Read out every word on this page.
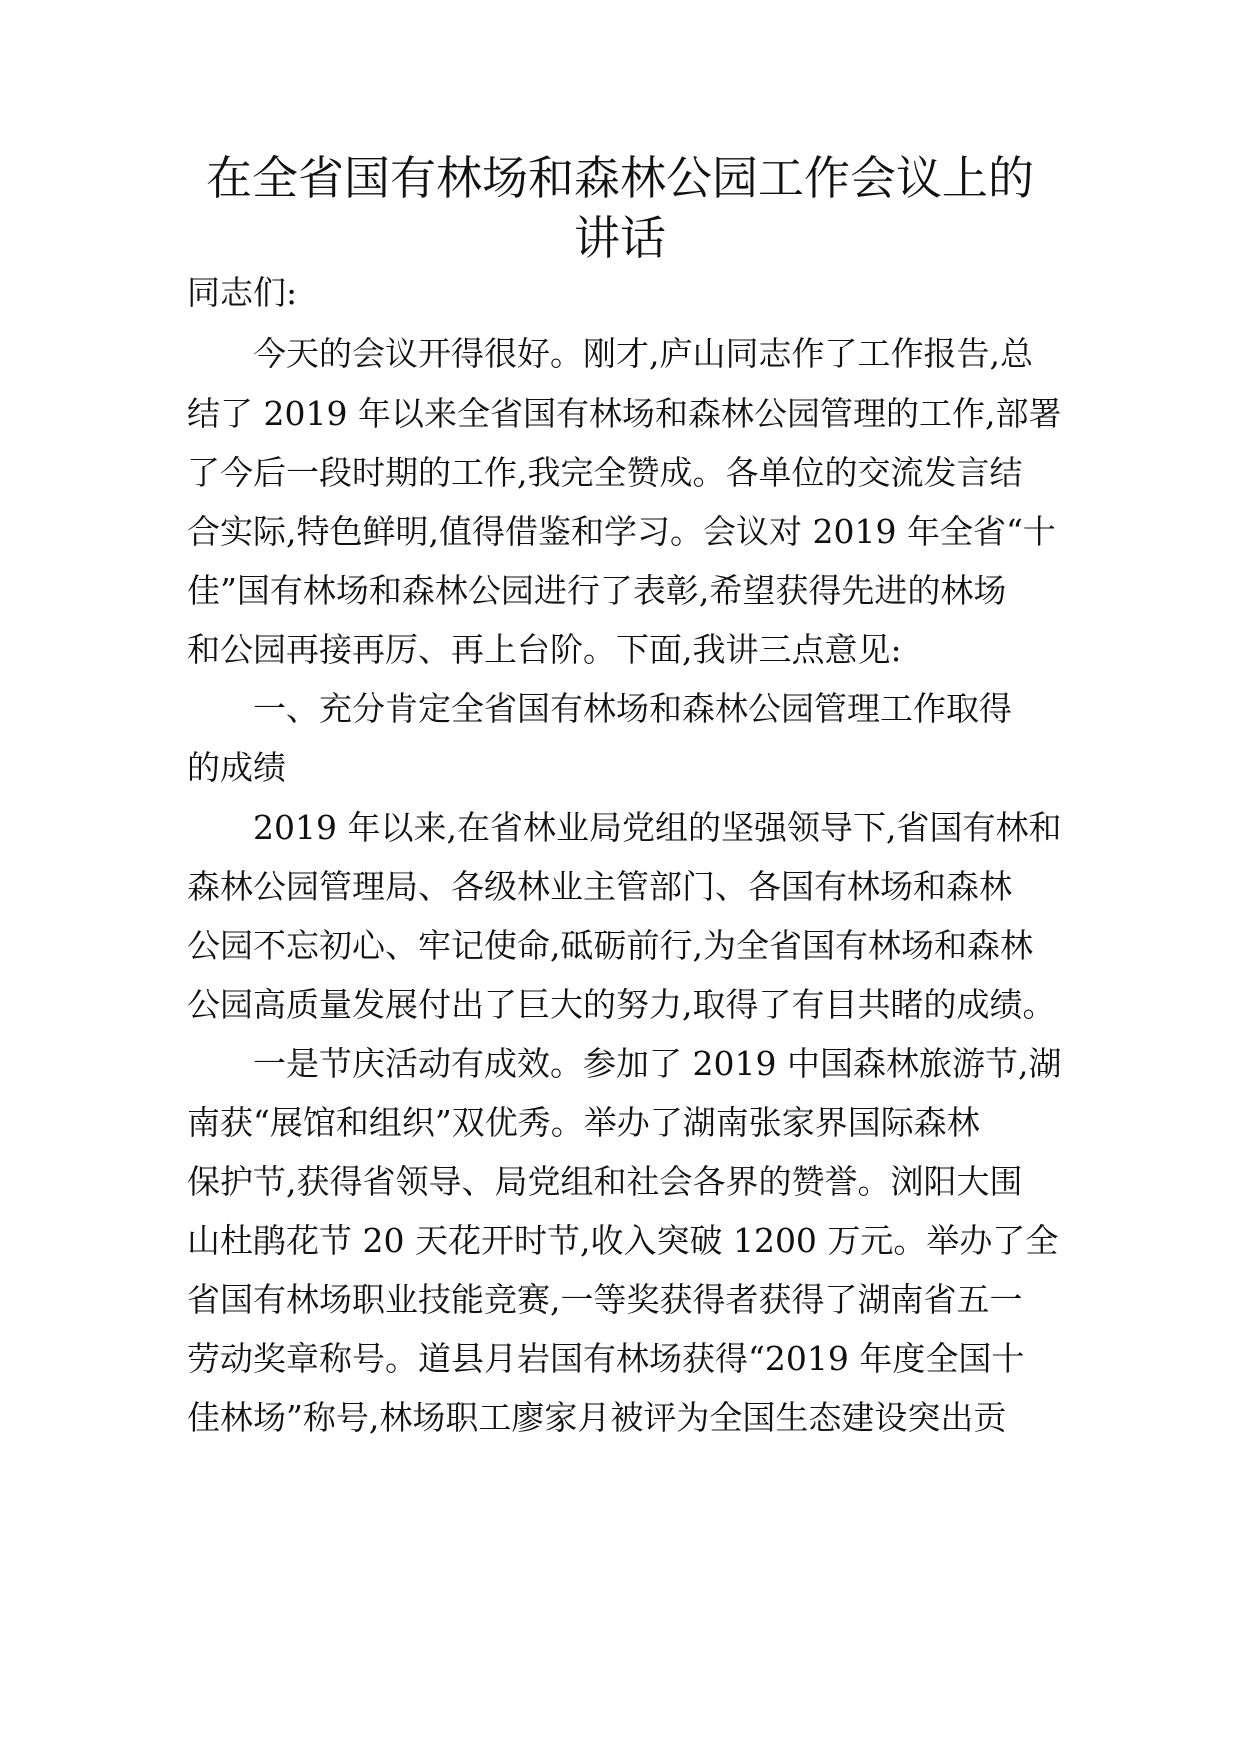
在全省国有林场和森林公园工作会议上的
讲话
同志们:
今天的会议开得很好。刚才,庐山同志作了工作报告,总
结了 2019 年以来全省国有林场和森林公园管理的工作,部署
了今后一段时期的工作,我完全赞成。各单位的交流发言结
合实际,特色鲜明,值得借鉴和学习。会议对 2019 年全省“十
佳”国有林场和森林公园进行了表彰,希望获得先进的林场
和公园再接再厉、再上台阶。下面,我讲三点意见:
一、充分肯定全省国有林场和森林公园管理工作取得
的成绩
2019 年以来,在省林业局党组的坚强领导下,省国有林和
森林公园管理局、各级林业主管部门、各国有林场和森林
公园不忘初心、牢记使命,砥砺前行,为全省国有林场和森林
公园高质量发展付出了巨大的努力,取得了有目共睹的成绩。
一是节庆活动有成效。参加了 2019 中国森林旅游节,湖
南获“展馆和组织”双优秀。举办了湖南张家界国际森林
保护节,获得省领导、局党组和社会各界的赞誉。浏阳大围
山杜鹃花节 20 天花开时节,收入突破 1200 万元。举办了全
省国有林场职业技能竞赛,一等奖获得者获得了湖南省五一
劳动奖章称号。道县月岩国有林场获得“2019 年度全国十
佳林场”称号,林场职工廖家月被评为全国生态建设突出贡
